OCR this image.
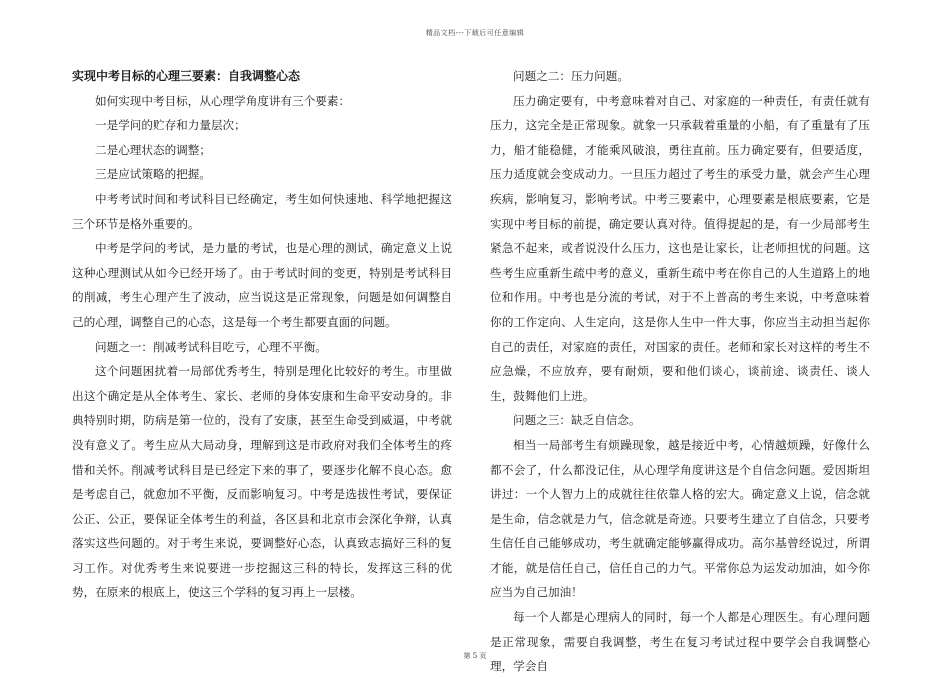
精品文档---下载后可任意编辑
实现中考目标的心理三要素：自我调整心态

如何实现中考目标，从心理学角度讲有三个要素：

一是学问的贮存和力量层次；

二是心理状态的调整；

三是应试策略的把握。

中考考试时间和考试科目已经确定，考生如何快速地、科学地把握这三个环节是格外重要的。

中考是学问的考试，是力量的考试，也是心理的测试，确定意义上说这种心理测试从如今已经开场了。由于考试时间的变更，特别是考试科目的削减，考生心理产生了波动，应当说这是正常现象，问题是如何调整自己的心理，调整自己的心态，这是每一个考生都要直面的问题。

问题之一：削减考试科目吃亏，心理不平衡。

这个问题困扰着一局部优秀考生，特别是理化比较好的考生。市里做出这个确定是从全体考生、家长、老师的身体安康和生命平安动身的。非典特别时期，防病是第一位的，没有了安康，甚至生命受到威逼，中考就没有意义了。考生应从大局动身，理解到这是市政府对我们全体考生的疼惜和关怀。削减考试科目是已经定下来的事了，要逐步化解不良心态。愈是考虑自己，就愈加不平衡，反而影响复习。中考是选拔性考试，要保证公正、公正，要保证全体考生的利益，各区县和北京市会深化争辩，认真落实这些问题的。对于考生来说，要调整好心态，认真致志搞好三科的复习工作。对优秀考生来说要进一步挖掘这三科的特长，发挥这三科的优势，在原来的根底上，使这三个学科的复习再上一层楼。

问题之二：压力问题。

压力确定要有，中考意味着对自己、对家庭的一种责任，有责任就有压力，这完全是正常现象。就象一只承载着重量的小船，有了重量有了压力，船才能稳健，才能乘风破浪，勇往直前。压力确定要有，但要适度，压力适度就会变成动力。一旦压力超过了考生的承受力量，就会产生心理疾病，影响复习，影响考试。中考三要素中，心理要素是根底要素，它是实现中考目标的前提，确定要认真对待。值得提起的是，有一少局部考生紧急不起来，或者说没什么压力，这也是让家长，让老师担忧的问题。这些考生应重新生疏中考的意义，重新生疏中考在你自己的人生道路上的地位和作用。中考也是分流的考试，对于不上普高的考生来说，中考意味着你的工作定向、人生定向，这是你人生中一件大事，你应当主动担当起你自己的责任，对家庭的责任，对国家的责任。老师和家长对这样的考生不应急燥，不应放弃，要有耐烦，要和他们谈心，谈前途、谈责任、谈人生，鼓舞他们上进。

问题之三：缺乏自信念。

相当一局部考生有烦躁现象，越是接近中考，心情越烦躁，好像什么都不会了，什么都没记住，从心理学角度讲这是个自信念问题。爱因斯坦讲过：一个人智力上的成就往往依靠人格的宏大。确定意义上说，信念就是生命，信念就是力气，信念就是奇迹。只要考生建立了自信念，只要考生信任自己能够成功，考生就确定能够赢得成功。高尔基曾经说过，所谓才能，就是信任自己，信任自己的力气。平常你总为运发动加油，如今你应当为自己加油！

每一个人都是心理病人的同时，每一个人都是心理医生。有心理问题是正常现象，需要自我调整，考生在复习考试过程中要学会自我调整心理，学会自

第 5 页
